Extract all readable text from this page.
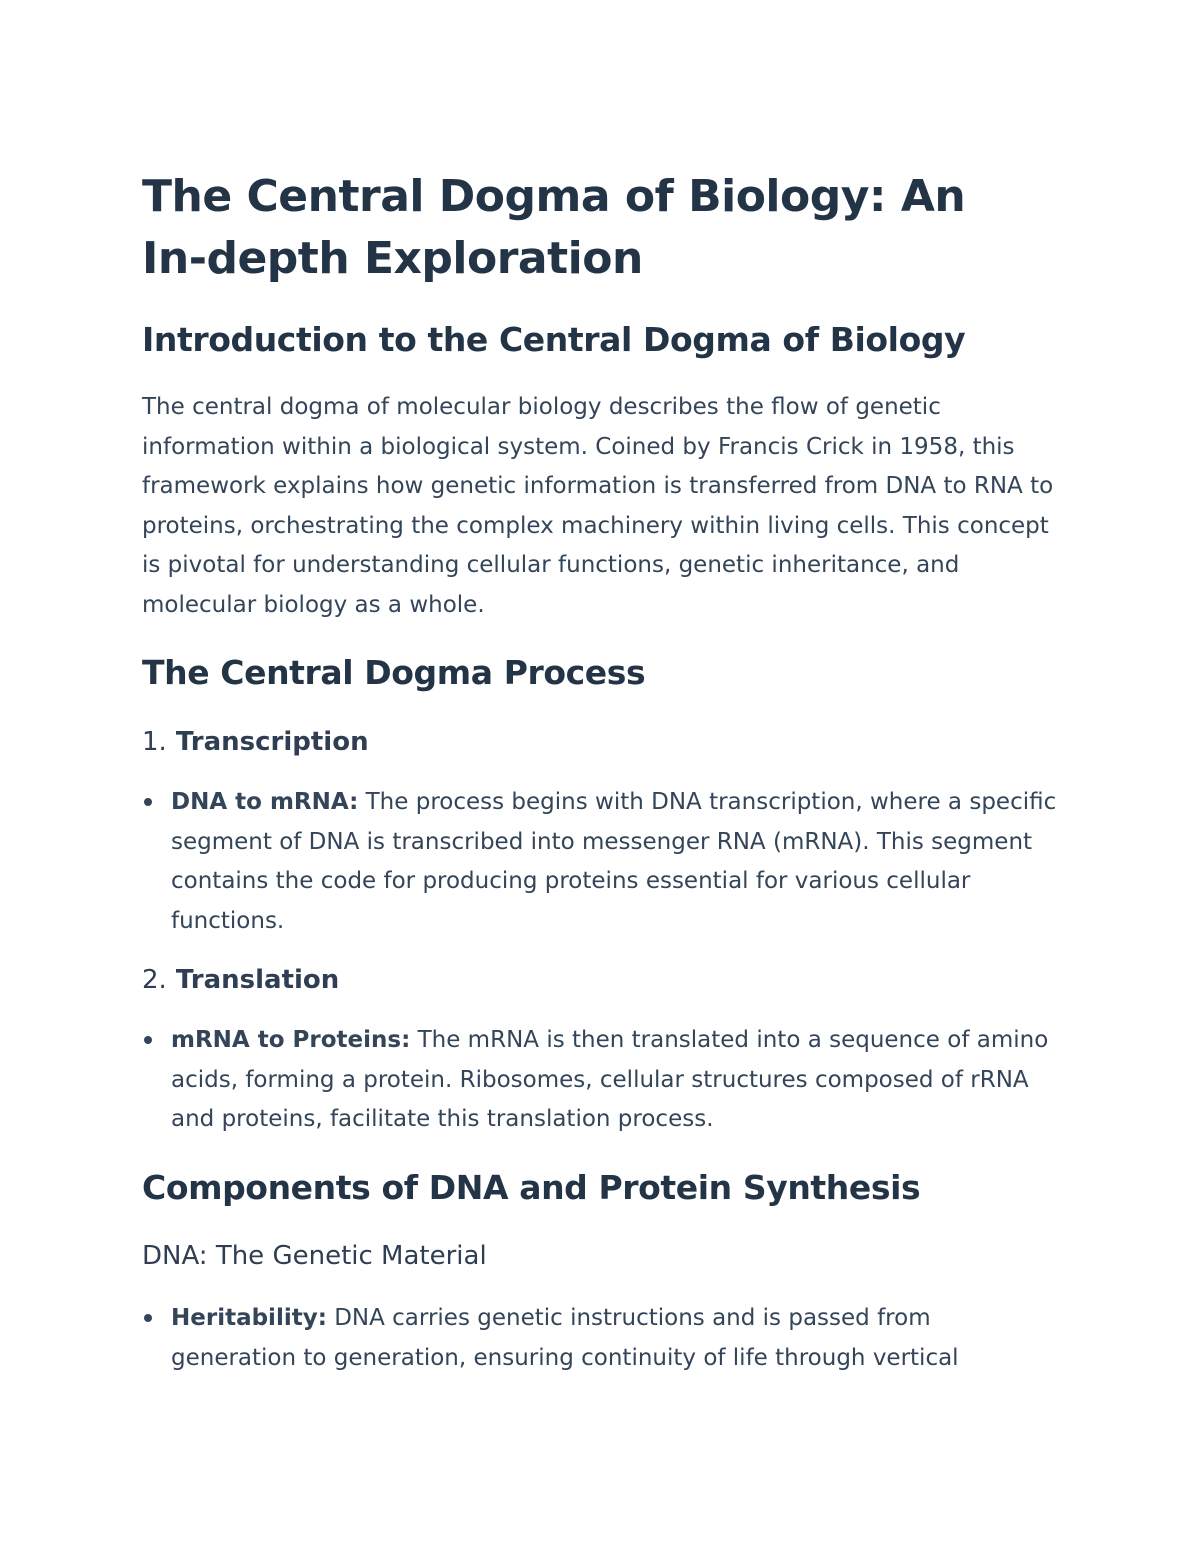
The Central Dogma of Biology: An In-depth Exploration
Introduction to the Central Dogma of Biology

The central dogma of molecular biology describes the flow of genetic information within a biological system. Coined by Francis Crick in 1958, this framework explains how genetic information is transferred from DNA to RNA to proteins, orchestrating the complex machinery within living cells. This concept is pivotal for understanding cellular functions, genetic inheritance, and molecular biology as a whole.

The Central Dogma Process
1. Transcription
DNA to mRNA: The process begins with DNA transcription, where a specific segment of DNA is transcribed into messenger RNA (mRNA). This segment contains the code for producing proteins essential for various cellular functions.
2. Translation
mRNA to Proteins: The mRNA is then translated into a sequence of amino acids, forming a protein. Ribosomes, cellular structures composed of rRNA and proteins, facilitate this translation process.
Components of DNA and Protein Synthesis
DNA: The Genetic Material
Heritability: DNA carries genetic instructions and is passed from generation to generation, ensuring continuity of life through vertical
